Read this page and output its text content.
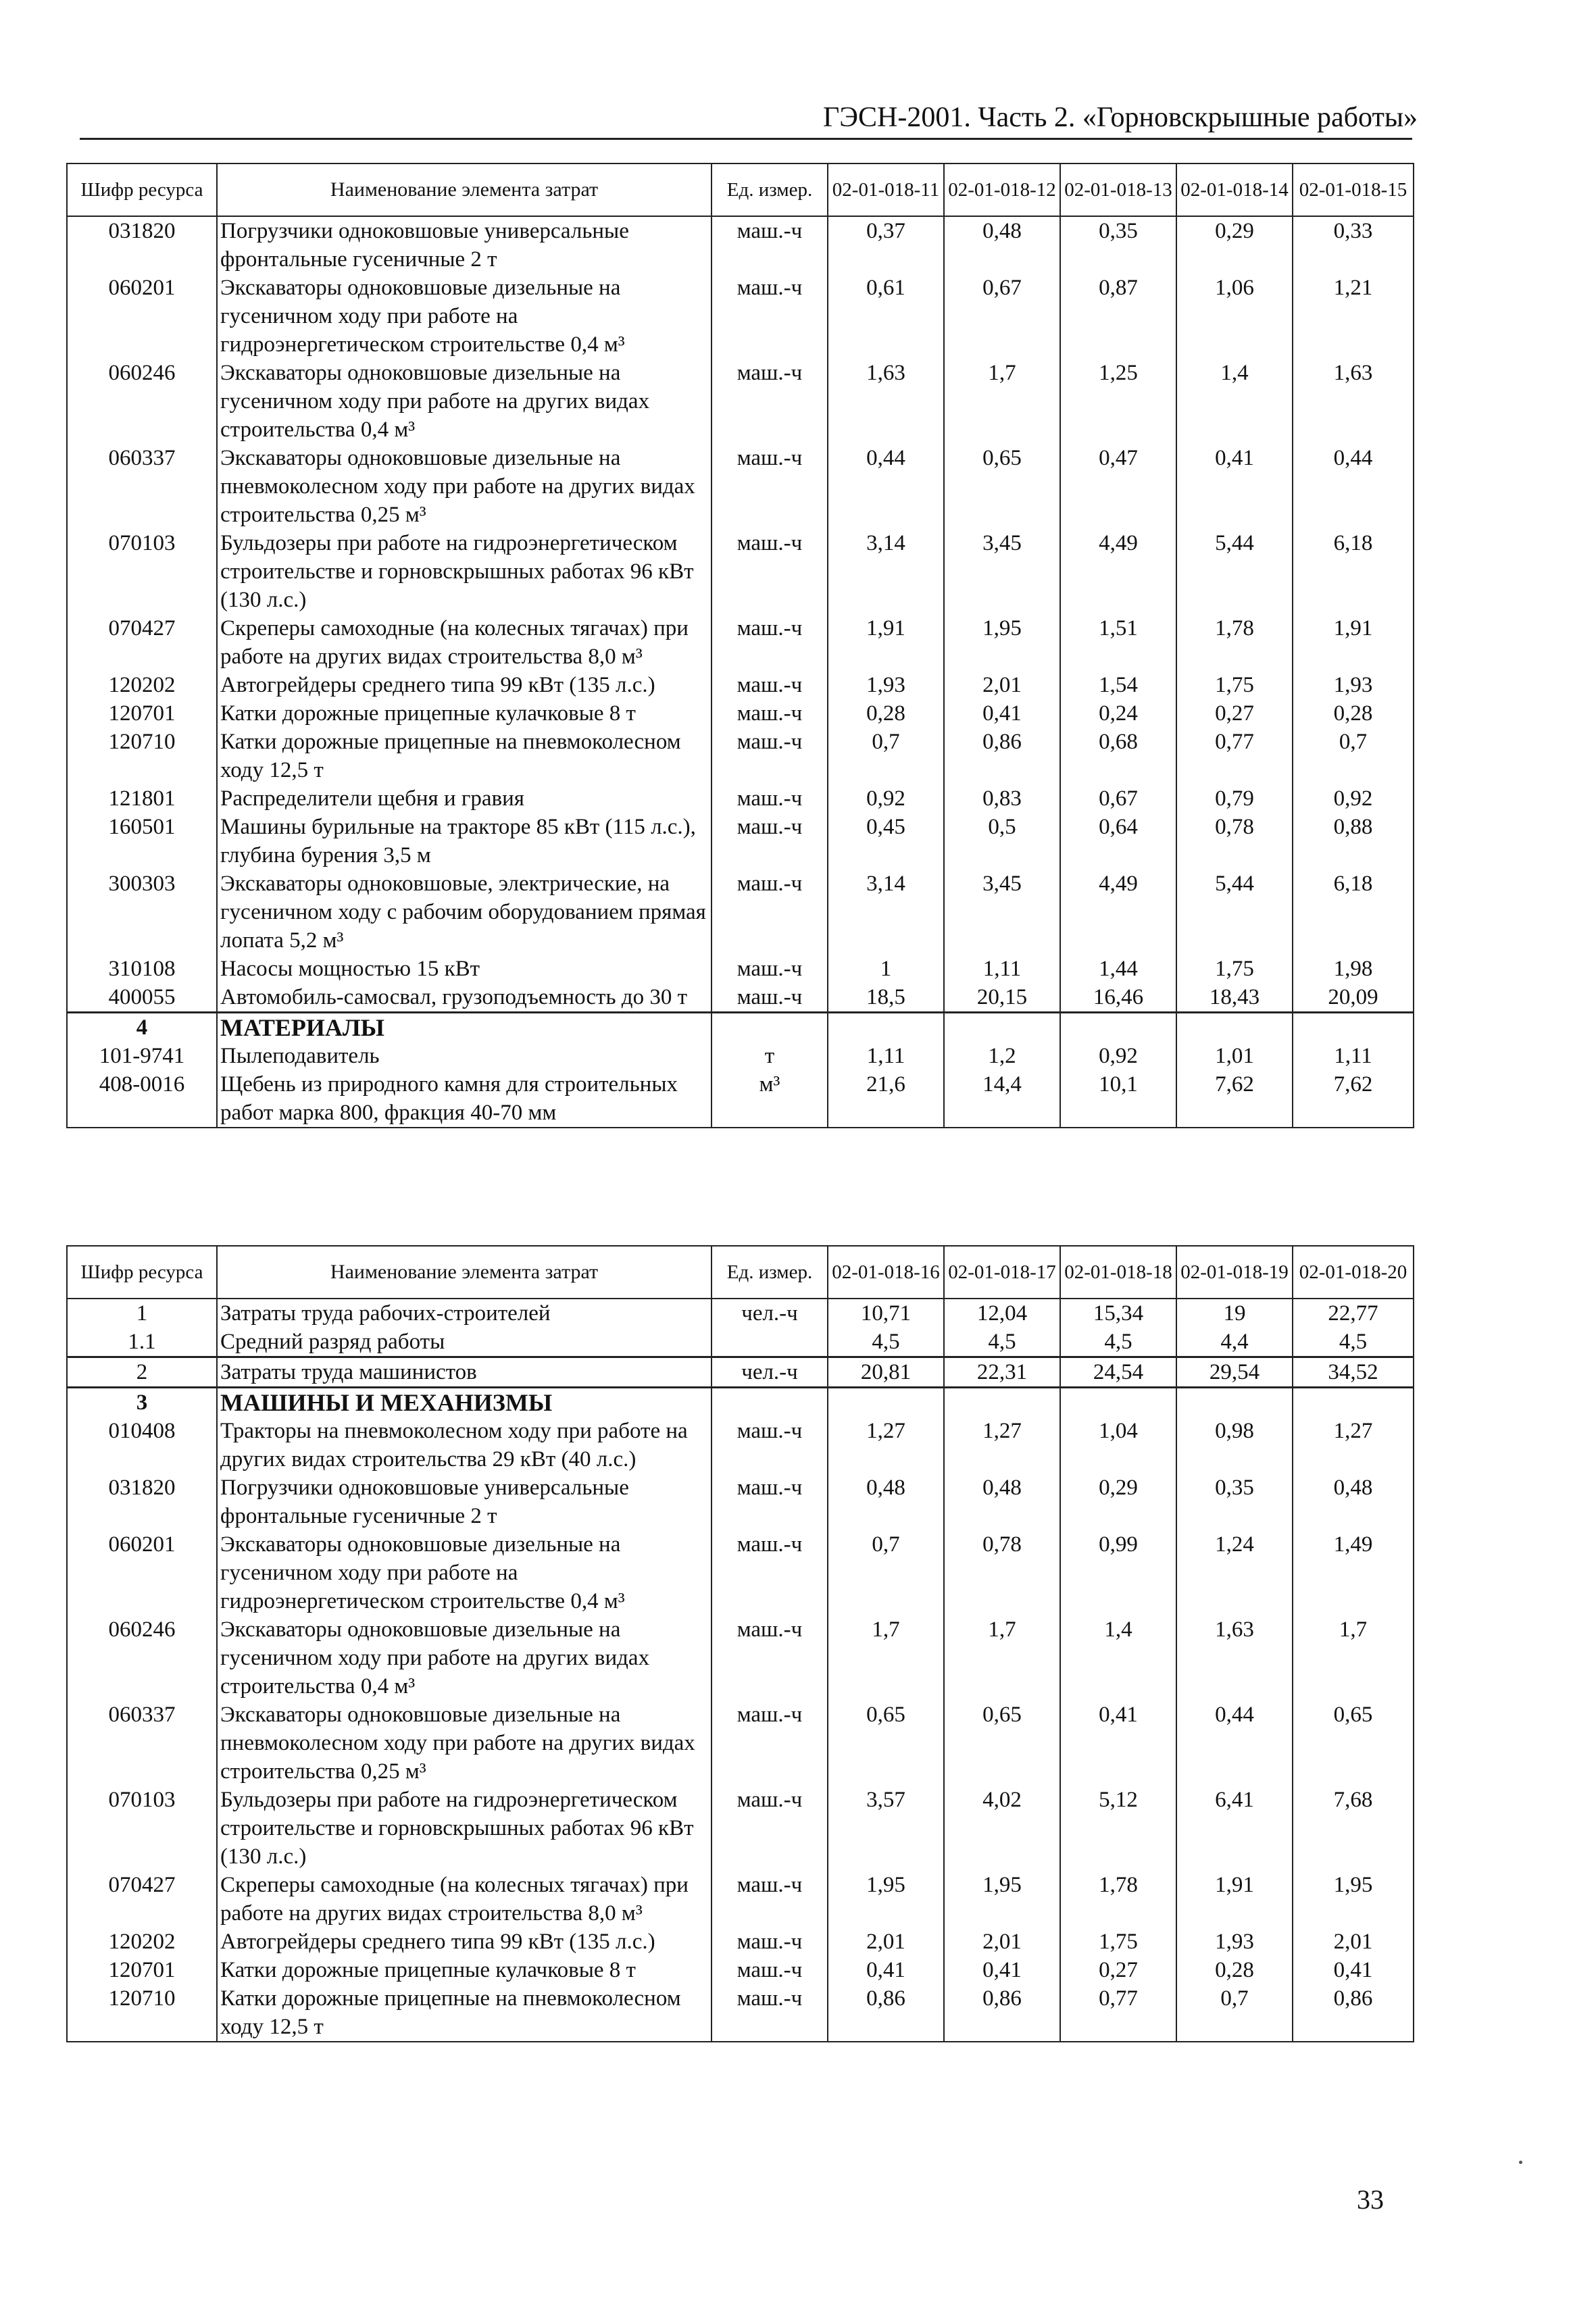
ГЭСН-2001. Часть 2. «Горновскрышные работы»
Шифр ресурса	Наименование элемента затрат	Ед. измер.	02-01-018-11	02-01-018-12	02-01-018-13	02-01-018-14	02-01-018-15
031820	Погрузчики одноковшовые универсальные фронтальные гусеничные 2 т	маш.-ч	0,37	0,48	0,35	0,29	0,33
060201	Экскаваторы одноковшовые дизельные на гусеничном ходу при работе на гидроэнергетическом строительстве 0,4 м³	маш.-ч	0,61	0,67	0,87	1,06	1,21
060246	Экскаваторы одноковшовые дизельные на гусеничном ходу при работе на других видах строительства 0,4 м³	маш.-ч	1,63	1,7	1,25	1,4	1,63
060337	Экскаваторы одноковшовые дизельные на пневмоколесном ходу при работе на других видах строительства 0,25 м³	маш.-ч	0,44	0,65	0,47	0,41	0,44
070103	Бульдозеры при работе на гидроэнергетическом строительстве и горновскрышных работах 96 кВт (130 л.с.)	маш.-ч	3,14	3,45	4,49	5,44	6,18
070427	Скреперы самоходные (на колесных тягачах) при работе на других видах строительства 8,0 м³	маш.-ч	1,91	1,95	1,51	1,78	1,91
120202	Автогрейдеры среднего типа 99 кВт (135 л.с.)	маш.-ч	1,93	2,01	1,54	1,75	1,93
120701	Катки дорожные прицепные кулачковые 8 т	маш.-ч	0,28	0,41	0,24	0,27	0,28
120710	Катки дорожные прицепные на пневмоколесном ходу 12,5 т	маш.-ч	0,7	0,86	0,68	0,77	0,7
121801	Распределители щебня и гравия	маш.-ч	0,92	0,83	0,67	0,79	0,92
160501	Машины бурильные на тракторе 85 кВт (115 л.с.), глубина бурения 3,5 м	маш.-ч	0,45	0,5	0,64	0,78	0,88
300303	Экскаваторы одноковшовые, электрические, на гусеничном ходу с рабочим оборудованием прямая лопата 5,2 м³	маш.-ч	3,14	3,45	4,49	5,44	6,18
310108	Насосы мощностью 15 кВт	маш.-ч	1	1,11	1,44	1,75	1,98
400055	Автомобиль-самосвал, грузоподъемность до 30 т	маш.-ч	18,5	20,15	16,46	18,43	20,09
4	МАТЕРИАЛЫ						
101-9741	Пылеподавитель	т	1,11	1,2	0,92	1,01	1,11
408-0016	Щебень из природного камня для строительных работ марка 800, фракция 40-70 мм	м³	21,6	14,4	10,1	7,62	7,62
Шифр ресурса	Наименование элемента затрат	Ед. измер.	02-01-018-16	02-01-018-17	02-01-018-18	02-01-018-19	02-01-018-20
1	Затраты труда рабочих-строителей	чел.-ч	10,71	12,04	15,34	19	22,77
1.1	Средний разряд работы		4,5	4,5	4,5	4,4	4,5
2	Затраты труда машинистов	чел.-ч	20,81	22,31	24,54	29,54	34,52
3	МАШИНЫ И МЕХАНИЗМЫ						
010408	Тракторы на пневмоколесном ходу при работе на других видах строительства 29 кВт (40 л.с.)	маш.-ч	1,27	1,27	1,04	0,98	1,27
031820	Погрузчики одноковшовые универсальные фронтальные гусеничные 2 т	маш.-ч	0,48	0,48	0,29	0,35	0,48
060201	Экскаваторы одноковшовые дизельные на гусеничном ходу при работе на гидроэнергетическом строительстве 0,4 м³	маш.-ч	0,7	0,78	0,99	1,24	1,49
060246	Экскаваторы одноковшовые дизельные на гусеничном ходу при работе на других видах строительства 0,4 м³	маш.-ч	1,7	1,7	1,4	1,63	1,7
060337	Экскаваторы одноковшовые дизельные на пневмоколесном ходу при работе на других видах строительства 0,25 м³	маш.-ч	0,65	0,65	0,41	0,44	0,65
070103	Бульдозеры при работе на гидроэнергетическом строительстве и горновскрышных работах 96 кВт (130 л.с.)	маш.-ч	3,57	4,02	5,12	6,41	7,68
070427	Скреперы самоходные (на колесных тягачах) при работе на других видах строительства 8,0 м³	маш.-ч	1,95	1,95	1,78	1,91	1,95
120202	Автогрейдеры среднего типа 99 кВт (135 л.с.)	маш.-ч	2,01	2,01	1,75	1,93	2,01
120701	Катки дорожные прицепные кулачковые 8 т	маш.-ч	0,41	0,41	0,27	0,28	0,41
120710	Катки дорожные прицепные на пневмоколесном ходу 12,5 т	маш.-ч	0,86	0,86	0,77	0,7	0,86
33
